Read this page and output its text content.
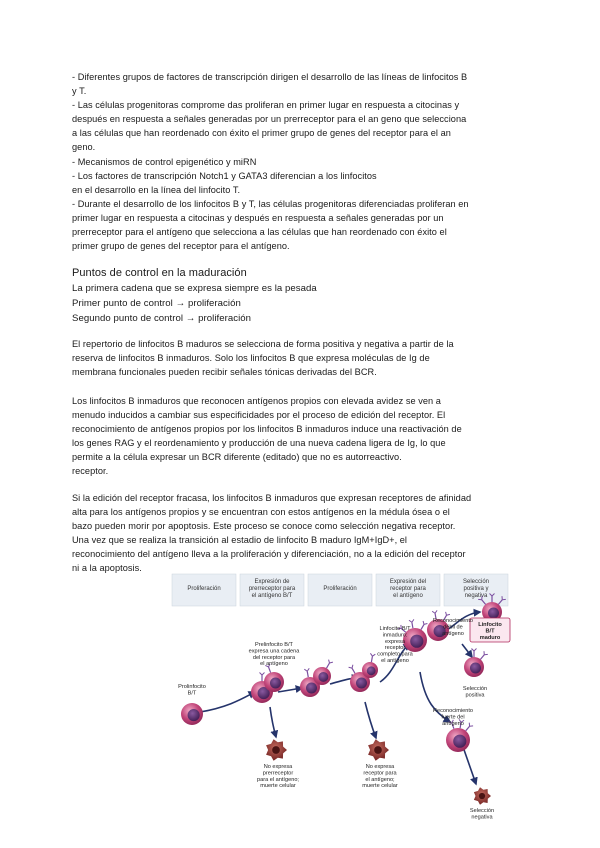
- Diferentes grupos de factores de transcripción dirigen el desarrollo de las líneas de linfocitos B
y T.
- Las células progenitoras comprome das proliferan en primer lugar en respuesta a citocinas y
después en respuesta a señales generadas por un prerreceptor para el an geno que selecciona
a las células que han reordenado con éxito el primer grupo de genes del receptor para el an
geno.
- Mecanismos de control epigenético y miRN
- Los factores de transcripción Notch1 y GATA3 diferencian a los linfocitos
en el desarrollo en la línea del linfocito T.
- Durante el desarrollo de los linfocitos B y T, las células progenitoras diferenciadas proliferan en
primer lugar en respuesta a citocinas y después en respuesta a señales generadas por un
prerreceptor para el antígeno que selecciona a las células que han reordenado con éxito el
primer grupo de genes del receptor para el antígeno.
Puntos de control en la maduración
La primera cadena que se expresa siempre es la pesada
Primer punto de control → proliferación
Segundo punto de control → proliferación
El repertorio de linfocitos B maduros se selecciona de forma positiva y negativa a partir de la
reserva de linfocitos B inmaduros. Solo los linfocitos B que expresa moléculas de Ig de
membrana funcionales pueden recibir señales tónicas derivadas del BCR.
Los linfocitos B inmaduros que reconocen antígenos propios con elevada avidez se ven a
menudo inducidos a cambiar sus especificidades por el proceso de edición del receptor. El
reconocimiento de antígenos propios por los linfocitos B inmaduros induce una reactivación de
los genes RAG y el reordenamiento y producción de una nueva cadena ligera de Ig, lo que
permite a la célula expresar un BCR diferente (editado) que no es autorreactivo.
receptor.
Si la edición del receptor fracasa, los linfocitos B inmaduros que expresan receptores de afinidad
alta para los antígenos propios y se encuentran con estos antígenos en la médula ósea o el
bazo pueden morir por apoptosis. Este proceso se conoce como selección negativa receptor.
Una vez que se realiza la transición al estadio de linfocito B maduro IgM+IgD+, el
reconocimiento del antígeno lleva a la proliferación y diferenciación, no a la edición del receptor
ni a la apoptosis.
Proliferación
Expresión de prerreceptor para el antígeno B/T
Proliferación
Expresión del receptor para el antígeno
Selección positiva y negativa
Prolinfocito B/T
Prelinfocito B/T expresa una cadena del receptor para el antígeno
Linfocito B/T inmaduro: expresa receptor completo para el antígeno
Linfocito B/T maduro
Reconocimiento débil de antígeno
Reconocimiento fuerte del antígeno
Selección positiva
Selección negativa
No expresa prerreceptor para el antígeno; muerte celular
No expresa receptor para el antígeno; muerte celular
